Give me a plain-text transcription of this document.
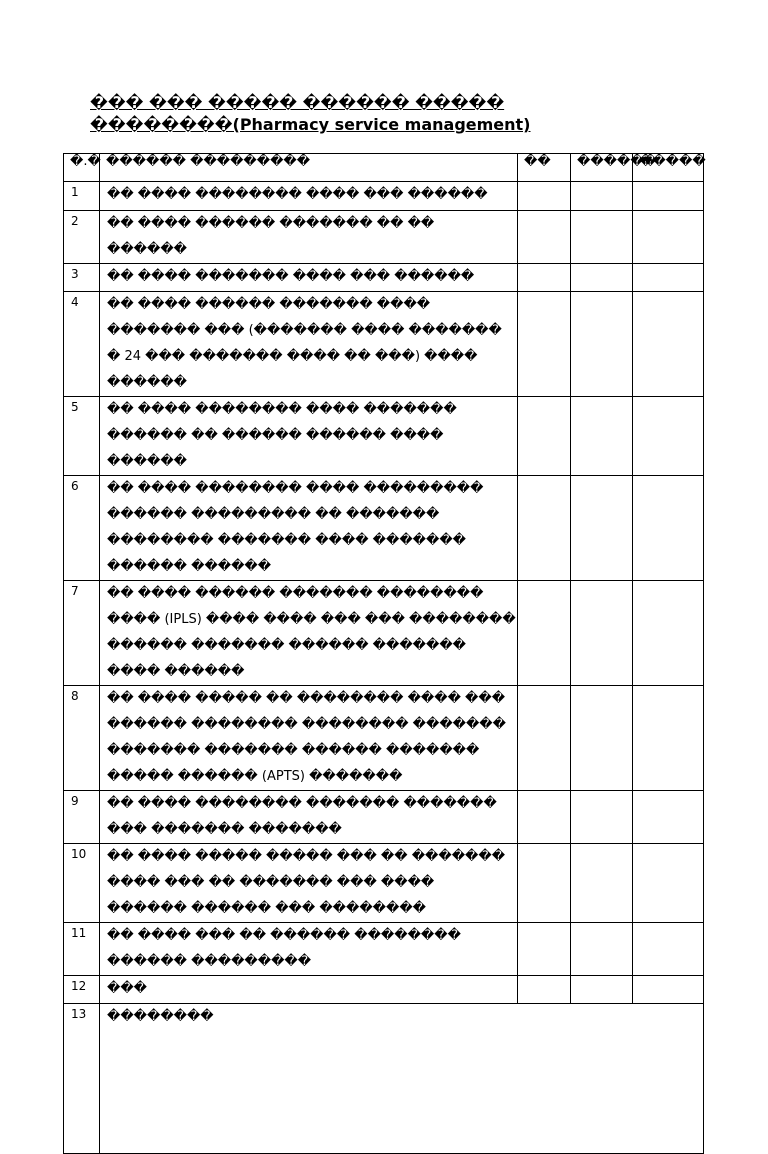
��� ��� ����� ������ ����� ��������(Pharmacy service management)
�.�	������ ���������	��	������	�����
1	�� ���� �������� ���� ��� ������			
2	�� ���� ������ ������� �� �� ������			
3	�� ���� ������� ���� ��� ������			
4	�� ���� ������ ������� ���� ������� ��� (������� ���� ������� � 24 ��� ������� ���� �� ���) ���� ������			
5	�� ���� �������� ���� ������� ������ �� ������ ������ ���� ������			
6	�� ���� �������� ���� ��������� ������ ��������� �� ������� �������� ������� ���� ������� ������ ������			
7	�� ���� ������ ������� �������� ���� (IPLS) ���� ���� ��� ��� �������� ������ ������� ������ ������� ���� ������			
8	�� ���� ����� �� �������� ���� ��� ������ �������� �������� ������� ������� ������� ������ ������� ����� ������ (APTS) �������			
9	�� ���� �������� ������� ������� ��� ������� �������			
10	�� ���� ����� ����� ��� �� ������� ���� ��� �� ������� ��� ���� ������ ������ ��� ��������			
11	�� ���� ��� �� ������ �������� ������ ���������			
12	���			
13	��������			
